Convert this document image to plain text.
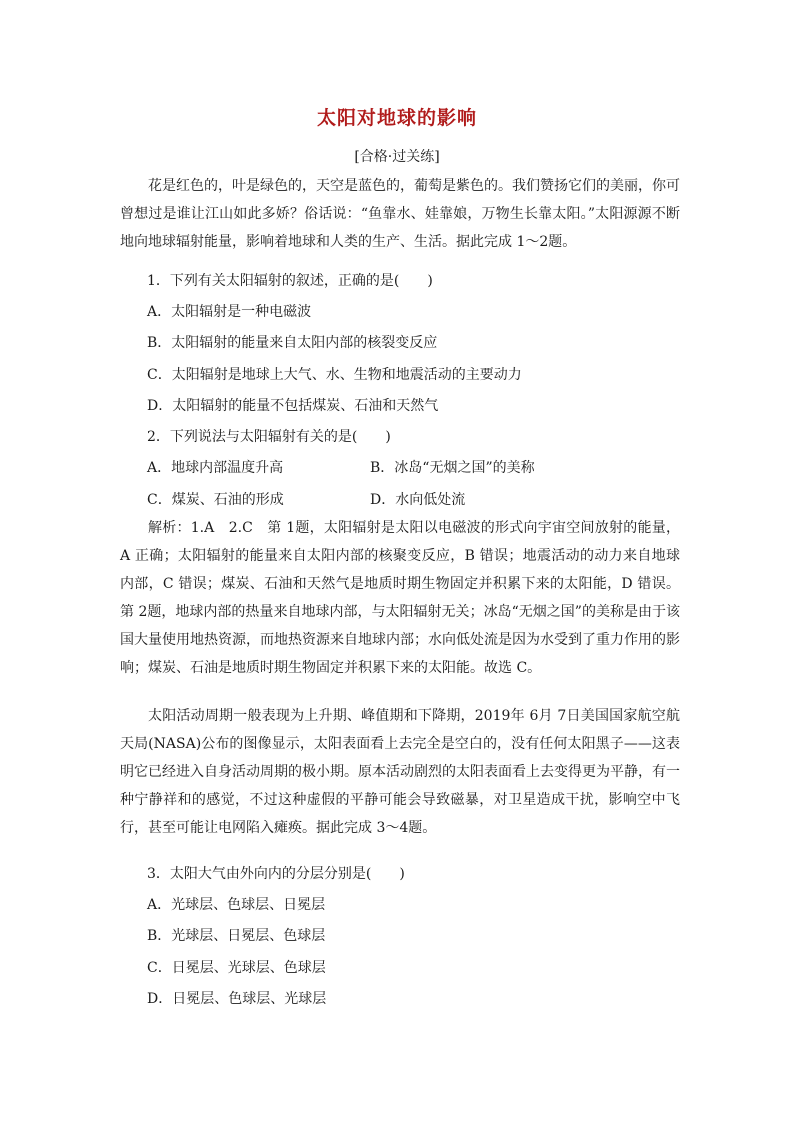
太阳对地球的影响
[合格·过关练]

花是红色的，叶是绿色的，天空是蓝色的，葡萄是紫色的。我们赞扬它们的美丽，你可曾想过是谁让江山如此多娇？俗话说：“鱼靠水、娃靠娘，万物生长靠太阳。”太阳源源不断地向地球辐射能量，影响着地球和人类的生产、生活。据此完成 1～2题。

1．下列有关太阳辐射的叙述，正确的是(　　)

A．太阳辐射是一种电磁波

B．太阳辐射的能量来自太阳内部的核裂变反应

C．太阳辐射是地球上大气、水、生物和地震活动的主要动力

D．太阳辐射的能量不包括煤炭、石油和天然气

2．下列说法与太阳辐射有关的是(　　)

A．地球内部温度升高	B．冰岛“无烟之国”的美称

C．煤炭、石油的形成	D．水向低处流

解析：1.A　2.C　第 1题，太阳辐射是太阳以电磁波的形式向宇宙空间放射的能量，A 正确；太阳辐射的能量来自太阳内部的核聚变反应，B 错误；地震活动的动力来自地球内部，C 错误；煤炭、石油和天然气是地质时期生物固定并积累下来的太阳能，D 错误。第 2题，地球内部的热量来自地球内部，与太阳辐射无关；冰岛“无烟之国”的美称是由于该国大量使用地热资源，而地热资源来自地球内部；水向低处流是因为水受到了重力作用的影响；煤炭、石油是地质时期生物固定并积累下来的太阳能。故选 C。

太阳活动周期一般表现为上升期、峰值期和下降期，2019年 6月 7日美国国家航空航天局(NASA)公布的图像显示，太阳表面看上去完全是空白的，没有任何太阳黑子——这表明它已经进入自身活动周期的极小期。原本活动剧烈的太阳表面看上去变得更为平静，有一种宁静祥和的感觉，不过这种虚假的平静可能会导致磁暴，对卫星造成干扰，影响空中飞行，甚至可能让电网陷入瘫痪。据此完成 3～4题。

3．太阳大气由外向内的分层分别是(　　)

A．光球层、色球层、日冕层

B．光球层、日冕层、色球层

C．日冕层、光球层、色球层

D．日冕层、色球层、光球层
